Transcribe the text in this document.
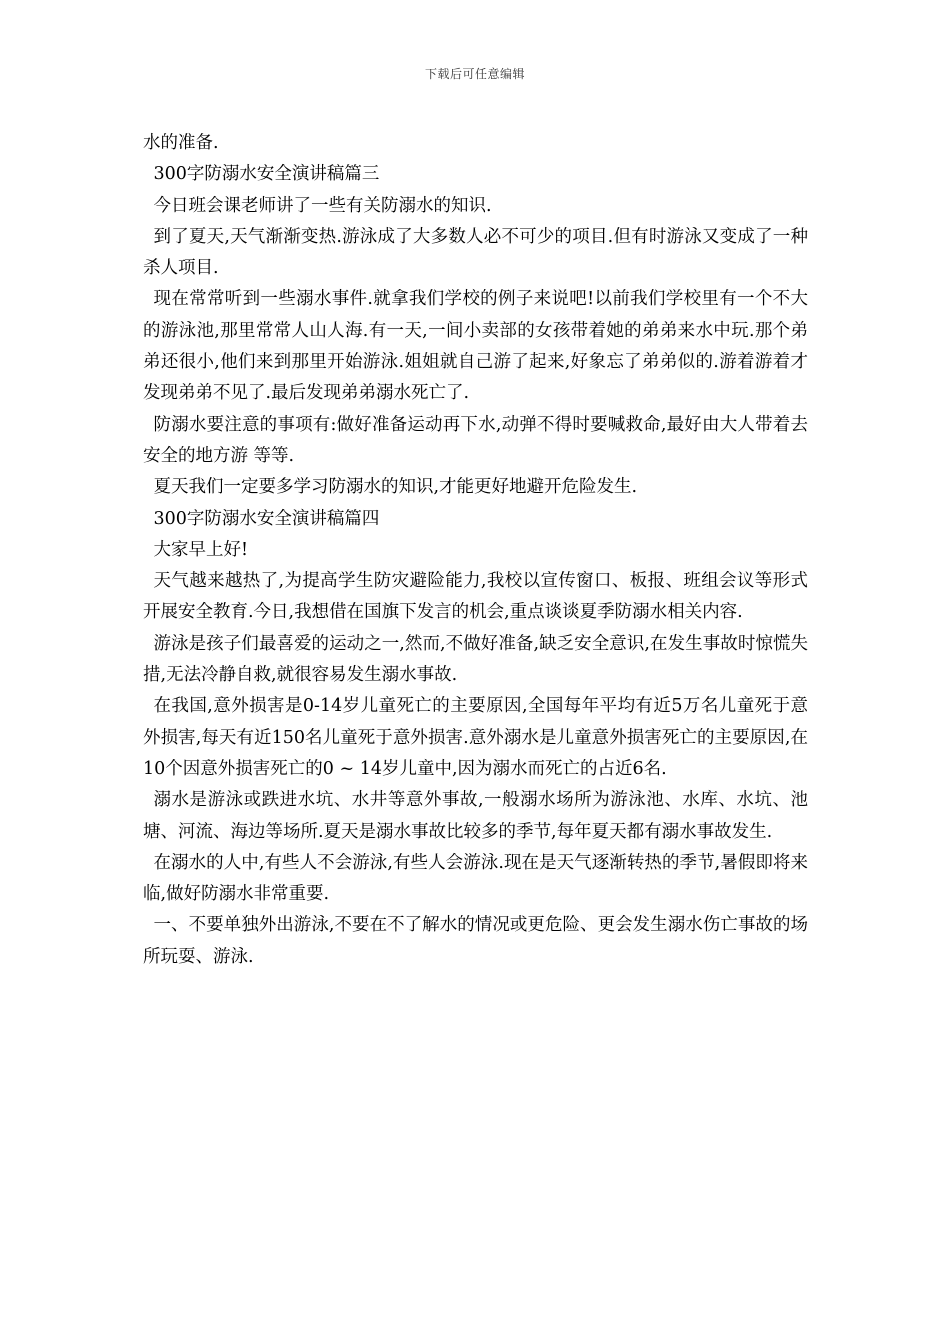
下载后可任意编辑

水的准备.

300字防溺水安全演讲稿篇三

今日班会课老师讲了一些有关防溺水的知识.

到了夏天,天气渐渐变热.游泳成了大多数人必不可少的项目.但有时游泳又变成了一种杀人项目.

现在常常听到一些溺水事件.就拿我们学校的例子来说吧!以前我们学校里有一个不大的游泳池,那里常常人山人海.有一天,一间小卖部的女孩带着她的弟弟来水中玩.那个弟弟还很小,他们来到那里开始游泳.姐姐就自己游了起来,好象忘了弟弟似的.游着游着才发现弟弟不见了.最后发现弟弟溺水死亡了.

防溺水要注意的事项有:做好准备运动再下水,动弹不得时要喊救命,最好由大人带着去安全的地方游 等等.

夏天我们一定要多学习防溺水的知识,才能更好地避开危险发生.

300字防溺水安全演讲稿篇四

大家早上好!

天气越来越热了,为提高学生防灾避险能力,我校以宣传窗口、板报、班组会议等形式开展安全教育.今日,我想借在国旗下发言的机会,重点谈谈夏季防溺水相关内容.

游泳是孩子们最喜爱的运动之一,然而,不做好准备,缺乏安全意识,在发生事故时惊慌失措,无法冷静自救,就很容易发生溺水事故.

在我国,意外损害是0-14岁儿童死亡的主要原因,全国每年平均有近5万名儿童死于意外损害,每天有近150名儿童死于意外损害.意外溺水是儿童意外损害死亡的主要原因,在10个因意外损害死亡的0 ~ 14岁儿童中,因为溺水而死亡的占近6名.

溺水是游泳或跌进水坑、水井等意外事故,一般溺水场所为游泳池、水库、水坑、池塘、河流、海边等场所.夏天是溺水事故比较多的季节,每年夏天都有溺水事故发生.

在溺水的人中,有些人不会游泳,有些人会游泳.现在是天气逐渐转热的季节,暑假即将来临,做好防溺水非常重要.

一、不要单独外出游泳,不要在不了解水的情况或更危险、更会发生溺水伤亡事故的场所玩耍、游泳.
